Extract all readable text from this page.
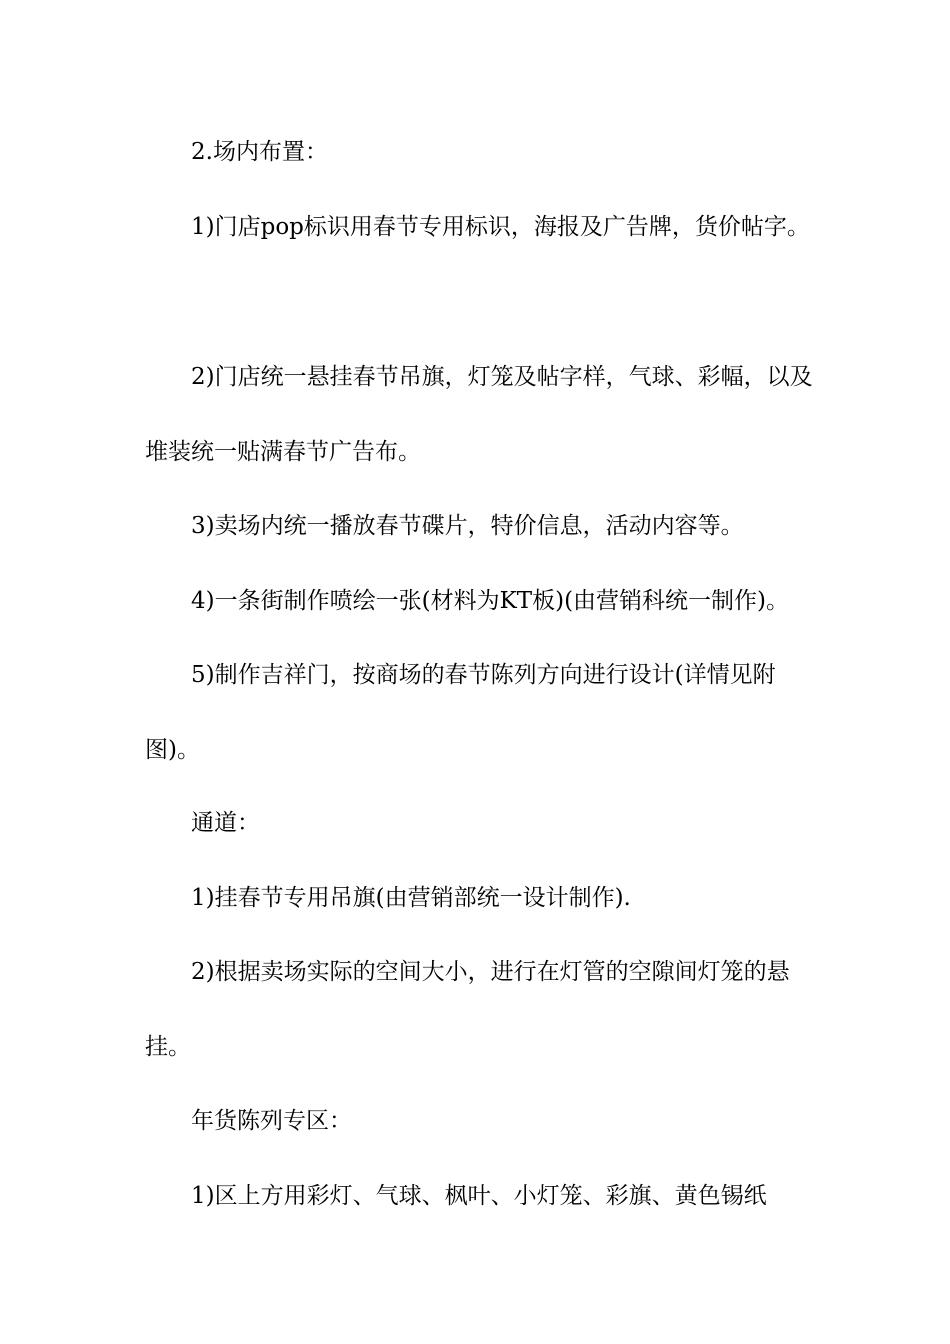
2.场内布置：

1)门店pop标识用春节专用标识，海报及广告牌，货价帖字。

2)门店统一悬挂春节吊旗，灯笼及帖字样，气球、彩幅，以及堆装统一贴满春节广告布。

3)卖场内统一播放春节碟片，特价信息，活动内容等。

4)一条街制作喷绘一张(材料为KT板)(由营销科统一制作)。

5)制作吉祥门，按商场的春节陈列方向进行设计(详情见附图)。

通道：

1)挂春节专用吊旗(由营销部统一设计制作).

2)根据卖场实际的空间大小，进行在灯管的空隙间灯笼的悬挂。

年货陈列专区：

1)区上方用彩灯、气球、枫叶、小灯笼、彩旗、黄色锡纸
